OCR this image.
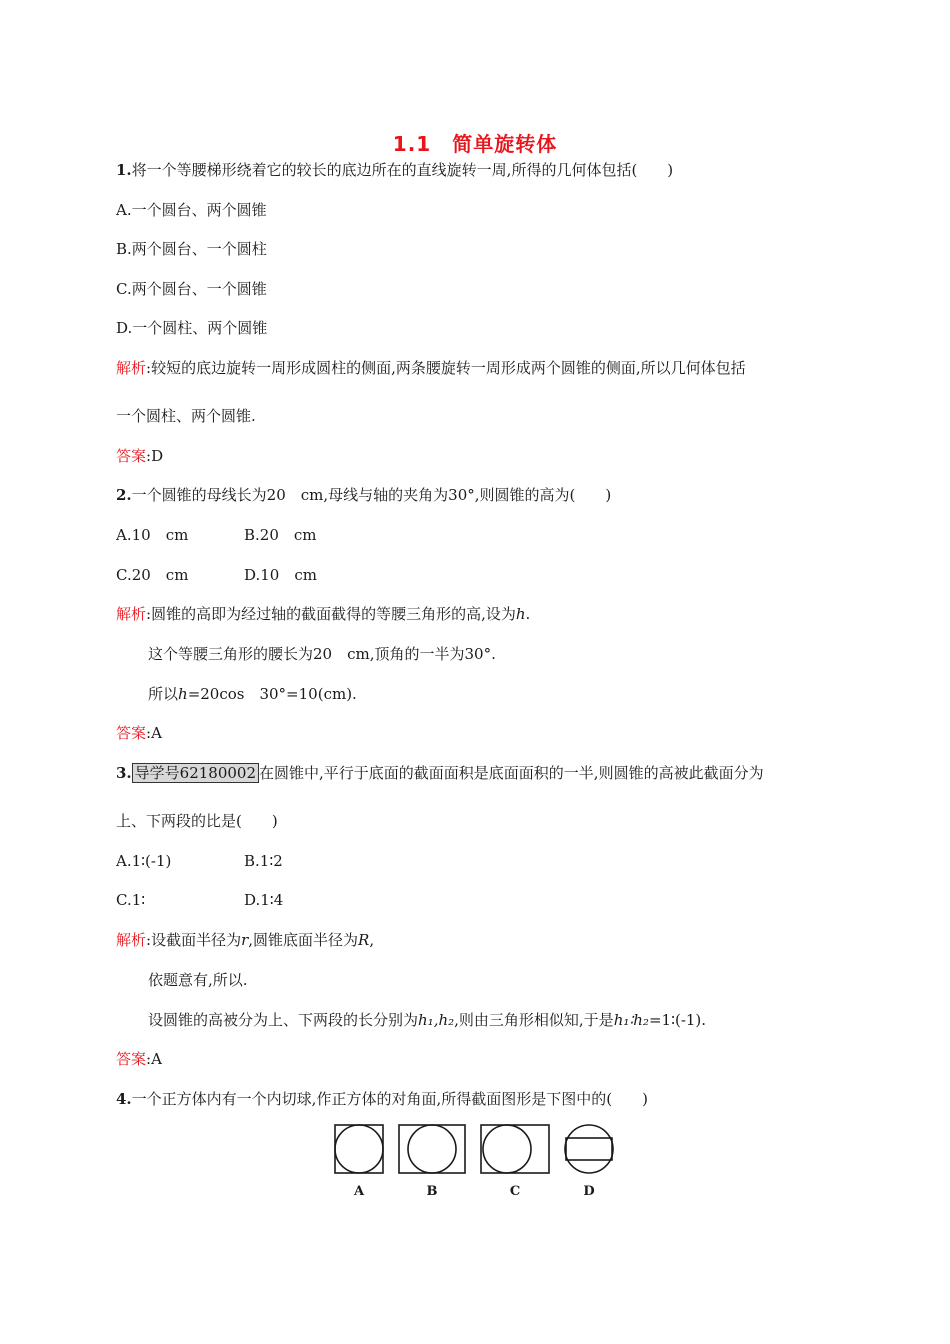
1.1　简单旋转体
1.将一个等腰梯形绕着它的较长的底边所在的直线旋转一周,所得的几何体包括(　　)
A.一个圆台、两个圆锥
B.两个圆台、一个圆柱
C.两个圆台、一个圆锥
D.一个圆柱、两个圆锥
解析:较短的底边旋转一周形成圆柱的侧面,两条腰旋转一周形成两个圆锥的侧面,所以几何体包括
一个圆柱、两个圆锥.
答案:D
2.一个圆锥的母线长为20　cm,母线与轴的夹角为30°,则圆锥的高为(　　)
A.10　cm	B.20　cm
C.20　cm	D.10　cm
解析:圆锥的高即为经过轴的截面截得的等腰三角形的高,设为h.
这个等腰三角形的腰长为20　cm,顶角的一半为30°.
所以h=20cos　30°=10(cm).
答案:A
3. 导学号62180002 在圆锥中,平行于底面的截面面积是底面面积的一半,则圆锥的高被此截面分为
上、下两段的比是(　　)
A.1∶(-1)	B.1∶2
C.1∶	D.1∶4
解析:设截面半径为r,圆锥底面半径为R,
依题意有,所以.
设圆锥的高被分为上、下两段的长分别为h₁,h₂,则由三角形相似知,于是h₁∶h₂=1∶(-1).
答案:A
4.一个正方体内有一个内切球,作正方体的对角面,所得截面图形是下图中的(　　)
A	B	C	D
